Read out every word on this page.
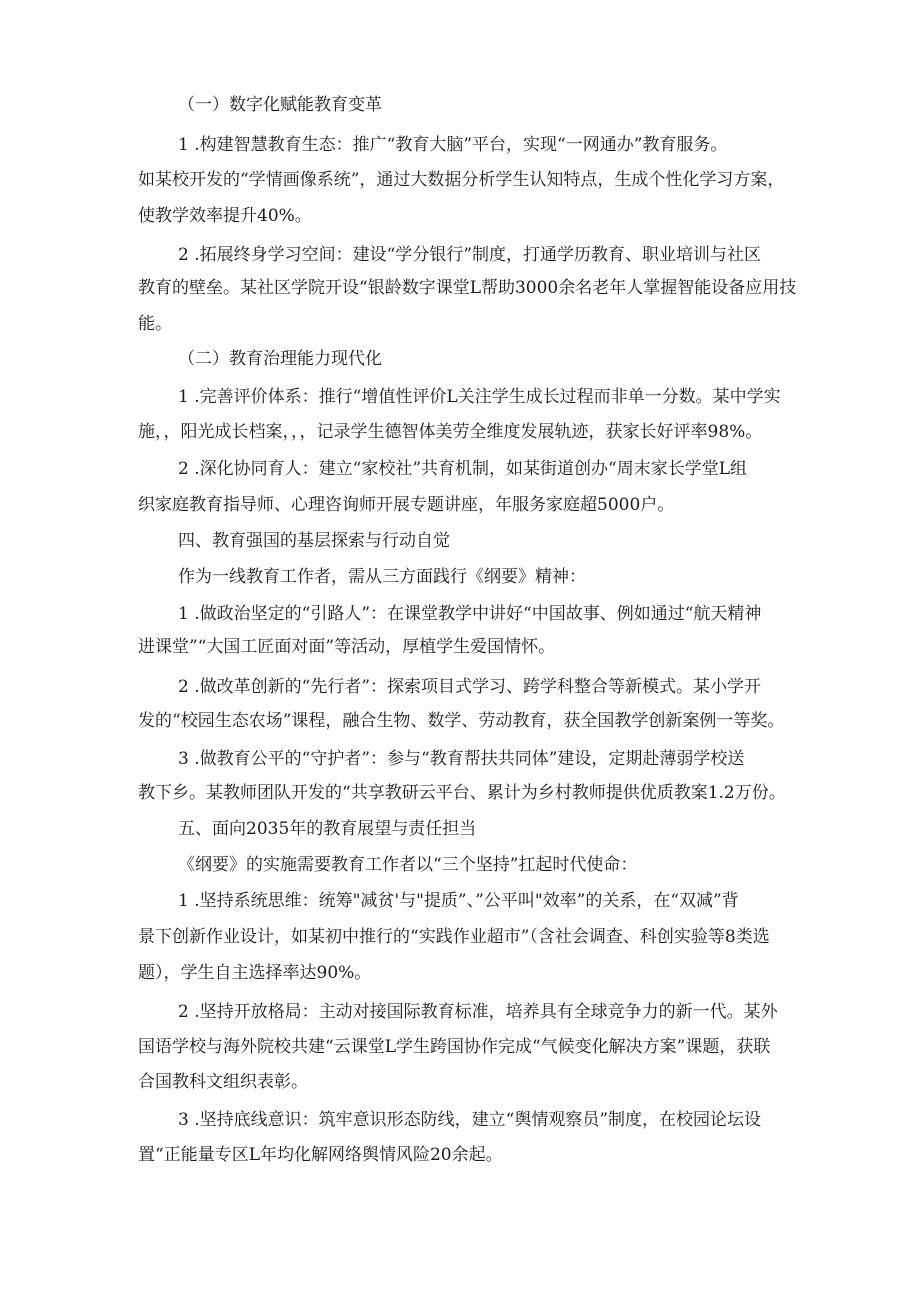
（一）数字化赋能教育变革
1 .构建智慧教育生态：推广“教育大脑”平台，实现“一网通办”教育服务。
如某校开发的“学情画像系统”，通过大数据分析学生认知特点，生成个性化学习方案，
使教学效率提升40%。
2 .拓展终身学习空间：建设“学分银行”制度，打通学历教育、职业培训与社区
教育的壁垒。某社区学院开设“银龄数字课堂L帮助3000余名老年人掌握智能设备应用技
能。
（二）教育治理能力现代化
1 .完善评价体系：推行“增值性评价L关注学生成长过程而非单一分数。某中学实
施，，阳光成长档案，，，记录学生德智体美劳全维度发展轨迹，获家长好评率98%。
2 .深化协同育人：建立“家校社”共育机制，如某街道创办“周末家长学堂L组
织家庭教育指导师、心理咨询师开展专题讲座，年服务家庭超5000户。
四、教育强国的基层探索与行动自觉
作为一线教育工作者，需从三方面践行《纲要》精神：
1 .做政治坚定的“引路人”：在课堂教学中讲好“中国故事、例如通过“航天精神
进课堂”“大国工匠面对面”等活动，厚植学生爱国情怀。
2 .做改革创新的“先行者”：探索项目式学习、跨学科整合等新模式。某小学开
发的“校园生态农场”课程，融合生物、数学、劳动教育，获全国教学创新案例一等奖。
3 .做教育公平的“守护者”：参与“教育帮扶共同体”建设，定期赴薄弱学校送
教下乡。某教师团队开发的“共享教研云平台、累计为乡村教师提供优质教案1.2万份。
五、面向2035年的教育展望与责任担当
《纲要》的实施需要教育工作者以“三个坚持”扛起时代使命：
1 .坚持系统思维：统筹"减贫'与"提质”、”公平叫"效率”的关系，在“双减”背
景下创新作业设计，如某初中推行的“实践作业超市”（含社会调查、科创实验等8类选
题），学生自主选择率达90%。
2 .坚持开放格局：主动对接国际教育标准，培养具有全球竞争力的新一代。某外
国语学校与海外院校共建“云课堂L学生跨国协作完成“气候变化解决方案”课题，获联
合国教科文组织表彰。
3 .坚持底线意识：筑牢意识形态防线，建立“舆情观察员”制度，在校园论坛设
置“正能量专区L年均化解网络舆情风险20余起。
